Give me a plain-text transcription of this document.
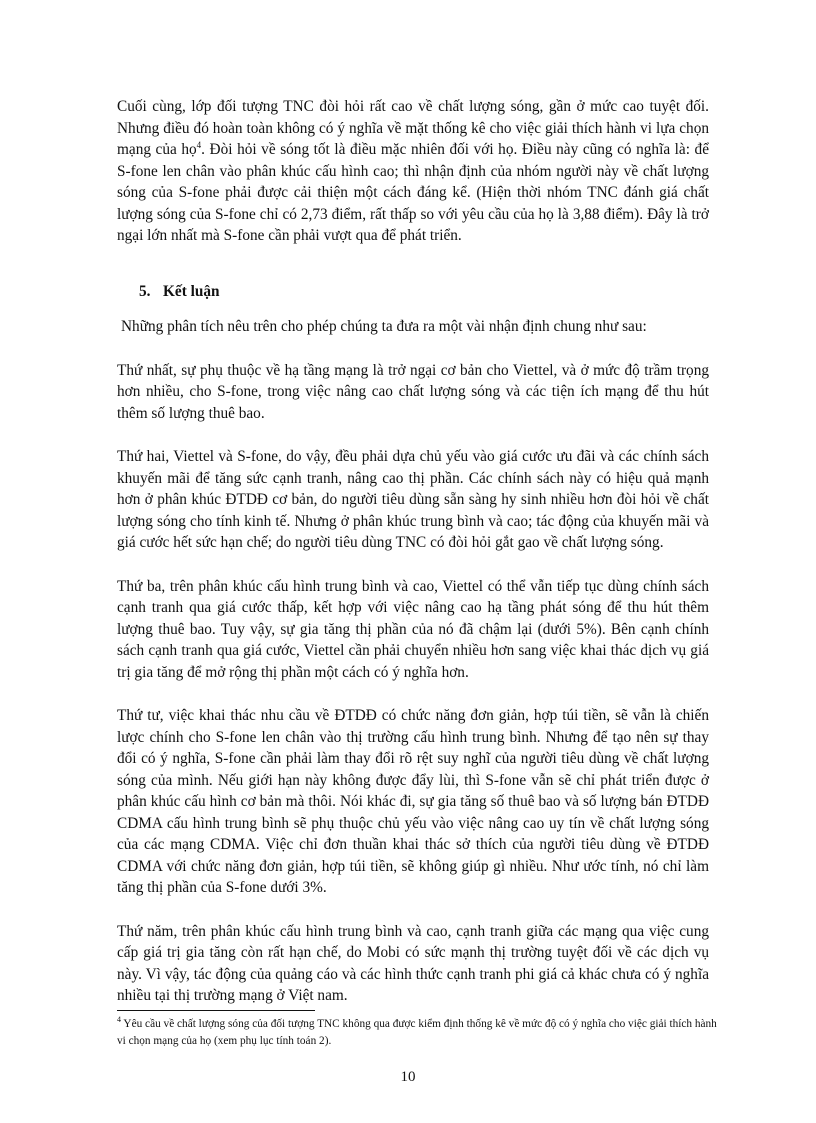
Cuối cùng, lớp đối tượng TNC đòi hỏi rất cao về chất lượng sóng, gần ở mức cao tuyệt đối. Nhưng điều đó hoàn toàn không có ý nghĩa về mặt thống kê cho việc giải thích hành vi lựa chọn mạng của họ$^4$. Đòi hỏi về sóng tốt là điều mặc nhiên đối với họ. Điều này cũng có nghĩa là: để S-fone len chân vào phân khúc cấu hình cao; thì nhận định của nhóm người này về chất lượng sóng của S-fone phải được cải thiện một cách đáng kể. (Hiện thời nhóm TNC đánh giá chất lượng sóng của S-fone chỉ có 2,73 điểm, rất thấp so với yêu cầu của họ là 3,88 điểm). Đây là trở ngại lớn nhất mà S-fone cần phải vượt qua để phát triển.

5. Kết luận

Những phân tích nêu trên cho phép chúng ta đưa ra một vài nhận định chung như sau:

Thứ nhất, sự phụ thuộc về hạ tầng mạng là trở ngại cơ bản cho Viettel, và ở mức độ trầm trọng hơn nhiều, cho S-fone, trong việc nâng cao chất lượng sóng và các tiện ích mạng để thu hút thêm số lượng thuê bao.

Thứ hai, Viettel và S-fone, do vậy, đều phải dựa chủ yếu vào giá cước ưu đãi và các chính sách khuyến mãi để tăng sức cạnh tranh, nâng cao thị phần. Các chính sách này có hiệu quả mạnh hơn ở phân khúc ĐTDĐ cơ bản, do người tiêu dùng sẵn sàng hy sinh nhiều hơn đòi hỏi về chất lượng sóng cho tính kinh tế. Nhưng ở phân khúc trung bình và cao; tác động của khuyến mãi và giá cước hết sức hạn chế; do người tiêu dùng TNC có đòi hỏi gắt gao về chất lượng sóng.

Thứ ba, trên phân khúc cấu hình trung bình và cao, Viettel có thể vẫn tiếp tục dùng chính sách cạnh tranh qua giá cước thấp, kết hợp với việc nâng cao hạ tầng phát sóng để thu hút thêm lượng thuê bao. Tuy vậy, sự gia tăng thị phần của nó đã chậm lại (dưới 5%). Bên cạnh chính sách cạnh tranh qua giá cước, Viettel cần phải chuyển nhiều hơn sang việc khai thác dịch vụ giá trị gia tăng để mở rộng thị phần một cách có ý nghĩa hơn.

Thứ tư, việc khai thác nhu cầu về ĐTDĐ có chức năng đơn giản, hợp túi tiền, sẽ vẫn là chiến lược chính cho S-fone len chân vào thị trường cấu hình trung bình. Nhưng để tạo nên sự thay đổi có ý nghĩa, S-fone cần phải làm thay đổi rõ rệt suy nghĩ của người tiêu dùng về chất lượng sóng của mình. Nếu giới hạn này không được đẩy lùi, thì S-fone vẫn sẽ chỉ phát triển được ở phân khúc cấu hình cơ bản mà thôi. Nói khác đi, sự gia tăng số thuê bao và số lượng bán ĐTDĐ CDMA cấu hình trung bình sẽ phụ thuộc chủ yếu vào việc nâng cao uy tín về chất lượng sóng của các mạng CDMA. Việc chỉ đơn thuần khai thác sở thích của người tiêu dùng về ĐTDĐ CDMA với chức năng đơn giản, hợp túi tiền, sẽ không giúp gì nhiều. Như ước tính, nó chỉ làm tăng thị phần của S-fone dưới 3%.

Thứ năm, trên phân khúc cấu hình trung bình và cao, cạnh tranh giữa các mạng qua việc cung cấp giá trị gia tăng còn rất hạn chế, do Mobi có sức mạnh thị trường tuyệt đối về các dịch vụ này. Vì vậy, tác động của quảng cáo và các hình thức cạnh tranh phi giá cả khác chưa có ý nghĩa nhiều tại thị trường mạng ở Việt nam.

$^4$ Yêu cầu về chất lượng sóng của đối tượng TNC không qua được kiểm định thống kê về mức độ có ý nghĩa cho việc giải thích hành vi chọn mạng của họ (xem phụ lục tính toán 2).
10
